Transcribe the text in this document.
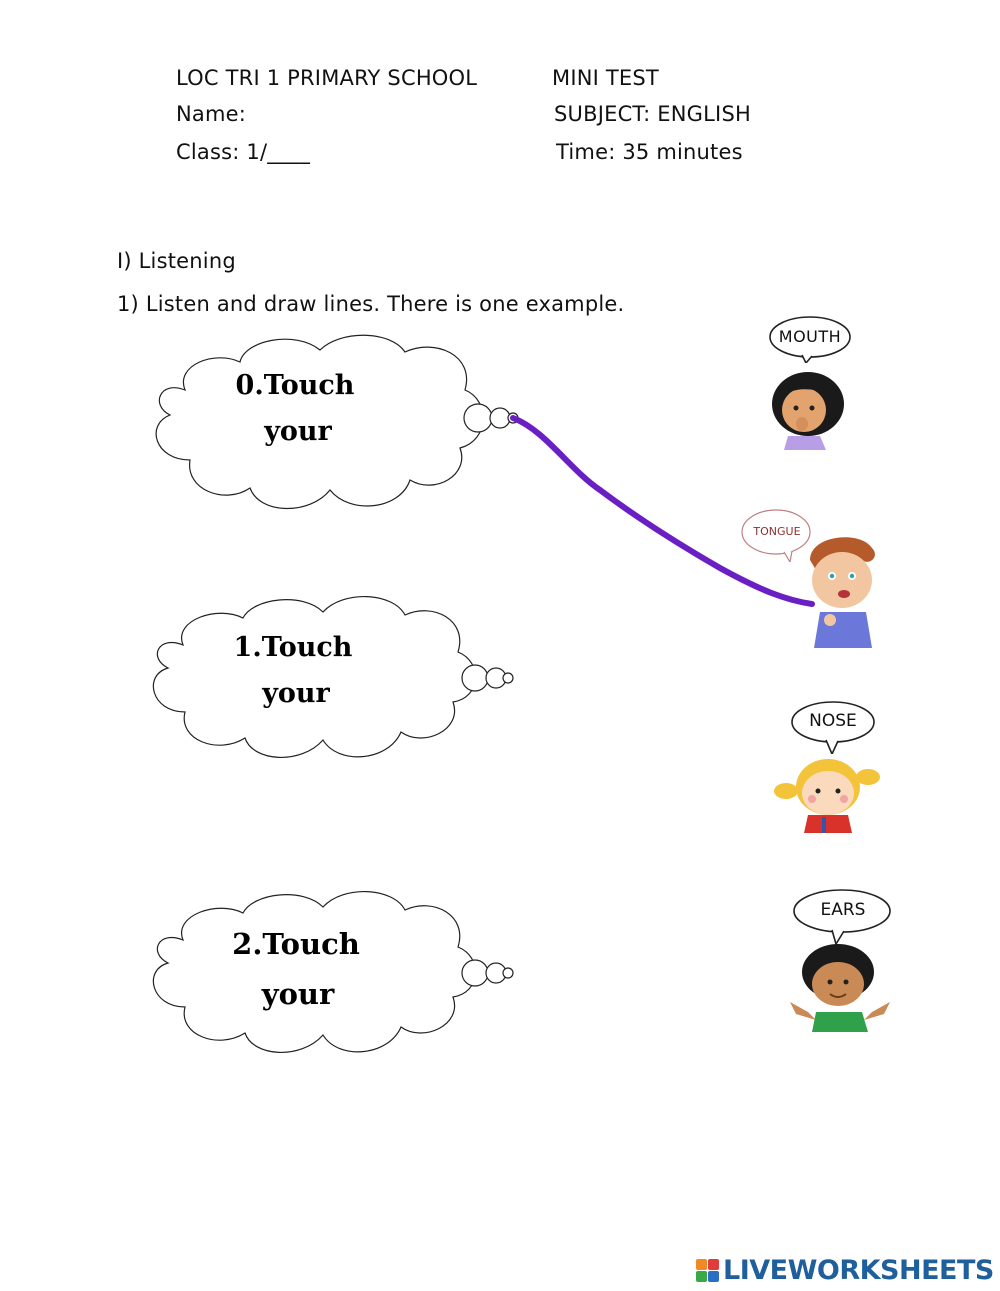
LOC TRI 1 PRIMARY SCHOOL	MINI TEST
Name:	SUBJECT: ENGLISH
Class: 1/____	Time: 35 minutes
I) Listening
1) Listen and draw lines. There is one example.
0.Touch
your
1.Touch
your
2.Touch
your
MOUTH
TONGUE
NOSE
EARS
LIVEWORKSHEETS
